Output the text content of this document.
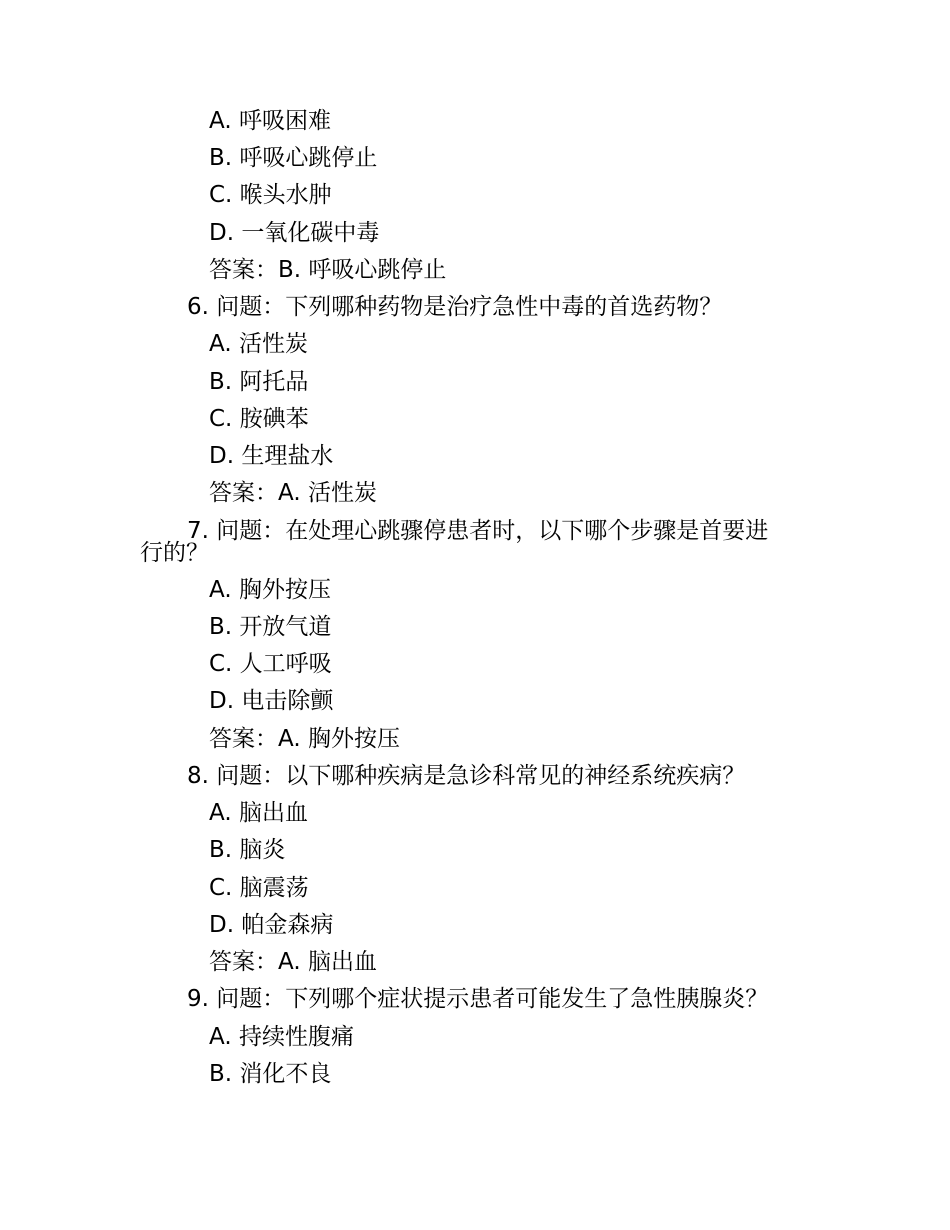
A. 呼吸困难
B. 呼吸心跳停止
C. 喉头水肿
D. 一氧化碳中毒
答案：B. 呼吸心跳停止
6. 问题：下列哪种药物是治疗急性中毒的首选药物？
A. 活性炭
B. 阿托品
C. 胺碘苯
D. 生理盐水
答案：A. 活性炭
7. 问题：在处理心跳骤停患者时，以下哪个步骤是首要进
行的？
A. 胸外按压
B. 开放气道
C. 人工呼吸
D. 电击除颤
答案：A. 胸外按压
8. 问题：以下哪种疾病是急诊科常见的神经系统疾病？
A. 脑出血
B. 脑炎
C. 脑震荡
D. 帕金森病
答案：A. 脑出血
9. 问题：下列哪个症状提示患者可能发生了急性胰腺炎？
A. 持续性腹痛
B. 消化不良
